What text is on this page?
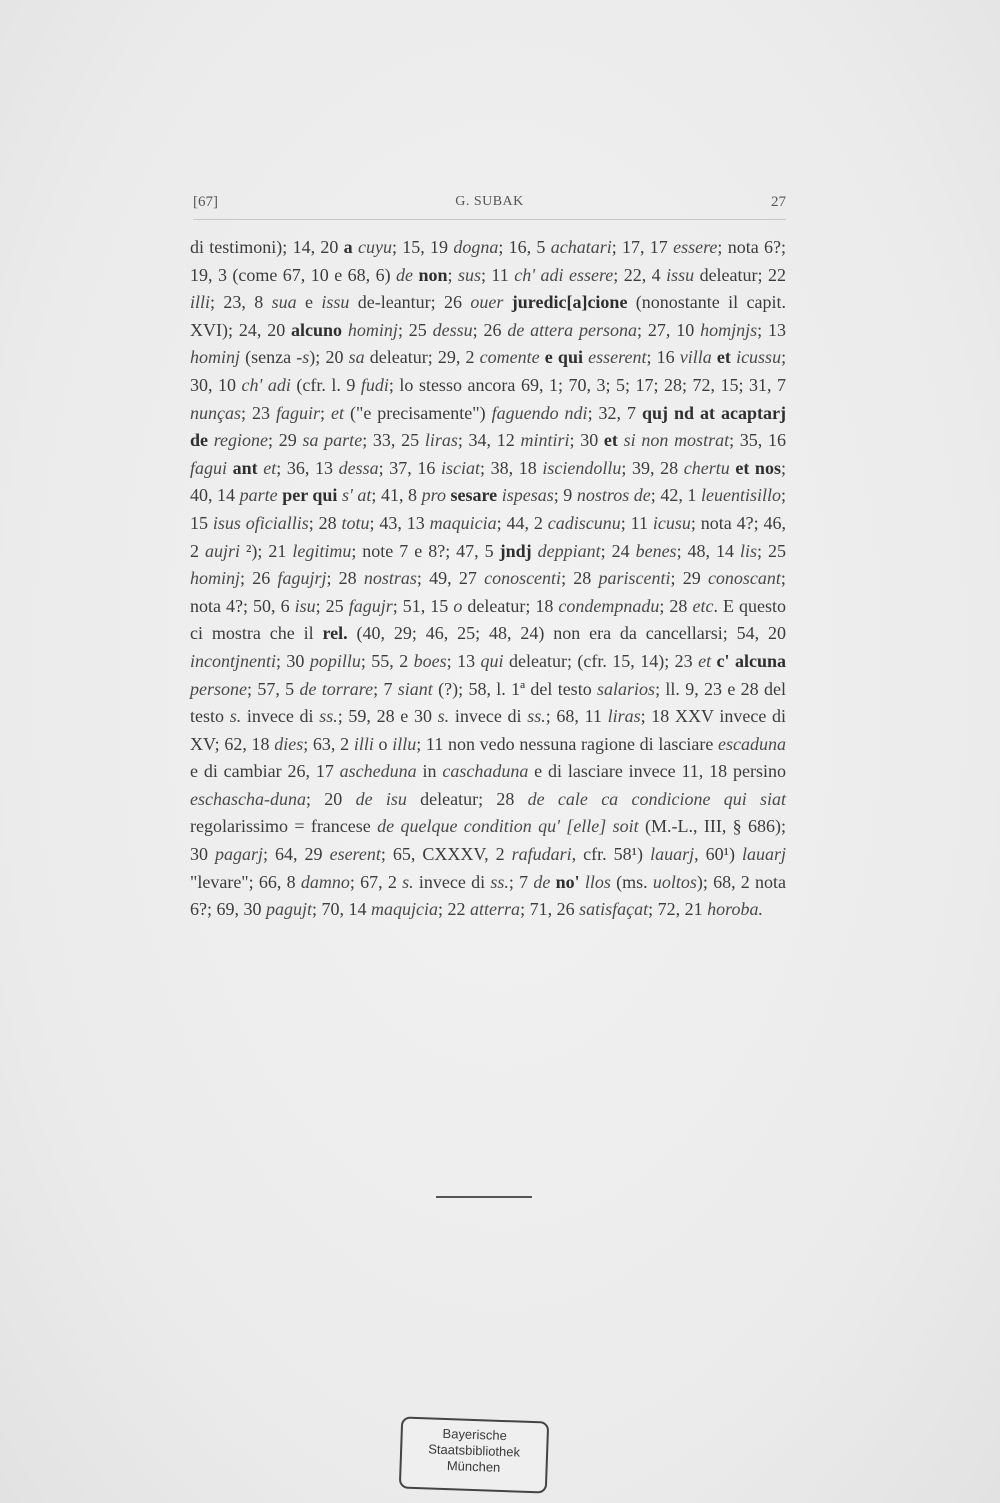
G. SUBAK
[67]	27
di testimoni); 14, 20 a cuyu; 15, 19 dogna; 16, 5 achatari; 17, 17 essere; nota 6?; 19, 3 (come 67, 10 e 68, 6) de non; sus; 11 ch' adi essere; 22, 4 issu deleatur; 22 illi; 23, 8 sua e issu de-leantur; 26 ouer juredic[a]cione (nonostante il capit. XVI); 24, 20 alcuno hominj; 25 dessu; 26 de attera persona; 27, 10 homjnjs; 13 hominj (senza -s); 20 sa deleatur; 29, 2 comente e qui esserent; 16 villa et icussu; 30, 10 ch' adi (cfr. l. 9 fudi; lo stesso ancora 69, 1; 70, 3; 5; 17; 28; 72, 15; 31, 7 nunças; 23 faguir; et ("e precisamente") faguendo ndi; 32, 7 quj nd at acaptarj de regione; 29 sa parte; 33, 25 liras; 34, 12 mintiri; 30 et si non mostrat; 35, 16 fagui ant et; 36, 13 dessa; 37, 16 isciat; 38, 18 isciendollu; 39, 28 chertu et nos; 40, 14 parte per qui s' at; 41, 8 pro sesare ispesas; 9 nostros de; 42, 1 leuentisillo; 15 isus oficiallis; 28 totu; 43, 13 maquicia; 44, 2 cadiscunu; 11 icusu; nota 4?; 46, 2 aujri ²); 21 legitimu; note 7 e 8?; 47, 5 jndj deppiant; 24 benes; 48, 14 lis; 25 hominj; 26 fagujrj; 28 nostras; 49, 27 conoscenti; 28 pariscenti; 29 conoscant; nota 4?; 50, 6 isu; 25 fagujr; 51, 15 o deleatur; 18 condempnadu; 28 etc. E questo ci mostra che il rel. (40, 29; 46, 25; 48, 24) non era da cancellarsi; 54, 20 incontjnenti; 30 popillu; 55, 2 boes; 13 qui deleatur; (cfr. 15, 14); 23 et c' alcuna persone; 57, 5 de torrare; 7 siant (?); 58, l. 1ª del testo salarios; ll. 9, 23 e 28 del testo s. invece di ss.; 59, 28 e 30 s. invece di ss.; 68, 11 liras; 18 XXV invece di XV; 62, 18 dies; 63, 2 illi o illu; 11 non vedo nessuna ragione di lasciare escaduna e di cambiar 26, 17 ascheduna in caschaduna e di lasciare invece 11, 18 persino eschascha-duna; 20 de isu deleatur; 28 de cale ca condicione qui siat regolarissimo = francese de quelque condition qu' [elle] soit (M.-L., III, § 686); 30 pagarj; 64, 29 eserent; 65, CXXXV, 2 rafudari, cfr. 58¹) lauarj, 60¹) lauarj "levare"; 66, 8 damno; 67, 2 s. invece di ss.; 7 de no' llos (ms. uoltos); 68, 2 nota 6?; 69, 30 pagujt; 70, 14 maqujcia; 22 atterra; 71, 26 satisfaçat; 72, 21 horoba.
Bayerische
Staatsbibliothek
München
